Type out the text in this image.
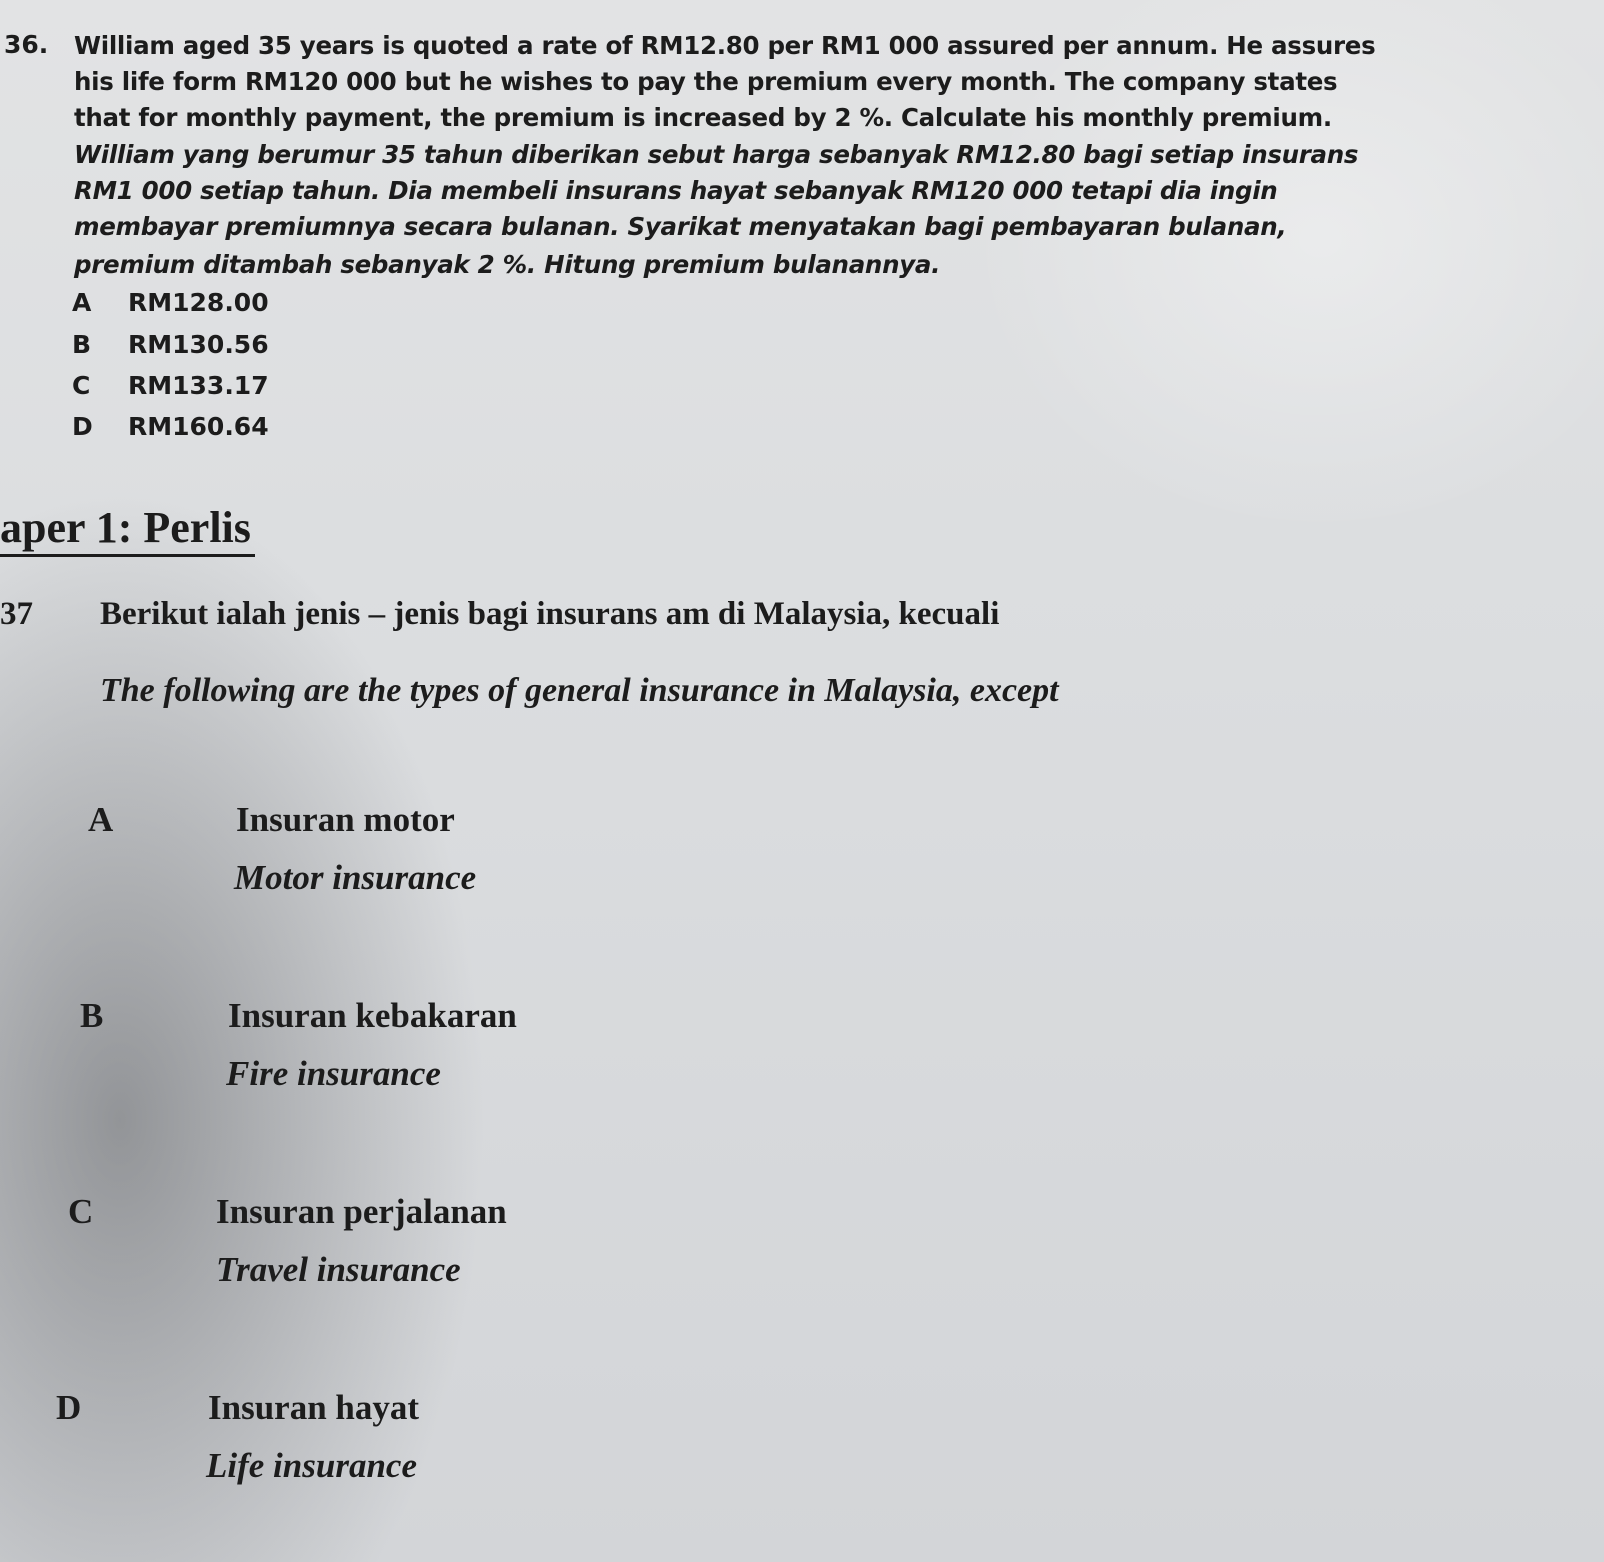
36. William aged 35 years is quoted a rate of RM12.80 per RM1 000 assured per annum. He assures
his life form RM120 000 but he wishes to pay the premium every month. The company states
that for monthly payment, the premium is increased by 2 %. Calculate his monthly premium.
William yang berumur 35 tahun diberikan sebut harga sebanyak RM12.80 bagi setiap insurans
RM1 000 setiap tahun. Dia membeli insurans hayat sebanyak RM120 000 tetapi dia ingin
membayar premiumnya secara bulanan. Syarikat menyatakan bagi pembayaran bulanan,
premium ditambah sebanyak 2 %. Hitung premium bulanannya.
A RM128.00
B RM130.56
C RM133.17
D RM160.64
aper 1: Perlis
37 Berikut ialah jenis – jenis bagi insurans am di Malaysia, kecuali
The following are the types of general insurance in Malaysia, except
A	Insuran motor
Motor insurance
B	Insuran kebakaran
Fire insurance
C	Insuran perjalanan
Travel insurance
D	Insuran hayat
Life insurance
